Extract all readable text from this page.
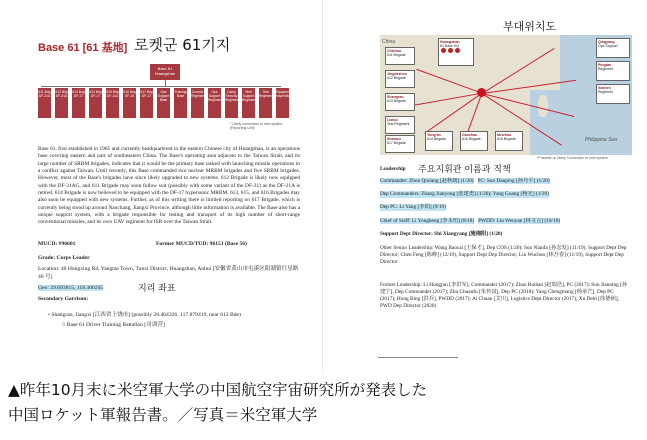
Base 61 [61 基地] 로켓군 61기지
Base 61 Huangshan
611 Brig DF-21A
612 Brig DF-21A
613 Brig DF-17
614 Brig DF-17
615 Brig DF-11A
616 Brig DF-15
617 Brig DF-17
Ops Support Base
Training Base
Comms Regiment
Ops Support Regiment
Camp Security Regiment
Tech Support Regiment
Test Regiment
Equipment Inspection
* Likely connection to new system (Reporting Unit)
Base 61, first established in 1965 and currently headquartered in the eastern Chinese city of Huangshan, is an operations base covering eastern and part of southeastern China. The Base's operating area adjacent to the Taiwan Strait, and its large number of SRBM brigades, indicates that it would be the primary base tasked with launching missile operations in a conflict against Taiwan. Until recently, this Base commanded two nuclear MRBM brigades and five SRBM brigades. However, most of the Base's brigades have since likely upgraded to new systems. 612 Brigade is likely now equipped with the DF-31AG, and 611 Brigade may soon follow suit (possibly with some variant of the DF-31) as the DF-21A is retired. 614 Brigade is now believed to be equipped with the DF-17 hypersonic MRBM. 613, 615, and 616 Brigades may also soon be equipped with new systems. Further, as of this writing there is limited reporting on 617 Brigade, which is currently being stood up around Nanchang, Jiangxi Province, although little information is available. The Base also has a unique support system, with a brigade responsible for testing and transport of its high number of short-range conventional missiles, and its own UAV regiment for ISR over the Taiwan Strait.
MUCD: #96601	Former MUCD/TUD: 96151 (Base 56)
Grade: Corps Leader
Location: 40 Hongxing Rd, Yangtze Town, Tunxi District, Huangshan, Anhui [安徽省黄山市屯溪区阳湖镇红星路 40 号]
Geo: 29.693815, 118.300245	지리 좌표
Secondary Garrison:
• Shangrao, Jiangxi [江西省上饶市] (possibly 28.464326, 117.879419, near 613 Bde)
○ Base 61 Driver Training Battalion [司训营]
부대위치도
China
Philippine Sea
Chizhou
611 Brigade
Jingdezhen
612 Brigade
Shangrao
613 Brigade
Lishui
Test Regiment
Shaowu
617 Brigade
Huangshan
61 Base HQ

Yong'an
614 Brigade
Ganzhou
616 Brigade
Meizhou
615 Brigade
Qingyang
Ops Support
Pingtan
Regiment
Xiamen
Regiment
*Possible or Likely Connection to new system
Leadership	주요지휘관 이름과 직책
Commander: Zhou Qiulang [赵秋朗] (1/20) PC: Sun Danping [孙丹平] (1/20)
Dep Commanders: Zhang Jianyong [张建勇] (1/20); Yang Guang [杨光] (1/20)
Dep PC: Li Yang [李阳] (9/19)
Chief of Staff: Li Yongheng [李永恒] (8/18) PWDD: Lin Wenyan [林文言] (10/18)
Support Dept Director: Shi Xiangyang [施湘阳] (1/20)
Other Senior Leadership: Wang Baocai [王保才], Dep COS (1/20); Sun Nianfa [孙念发] (11/19), Support Dept Dep Director; Chen Feng [陈峰] (12/19), Support Dept Dep Director; Lin Wuchun [林吾春] (11/19), Support Dept Dep Director
Former Leadership: Li Hongjun [李洪军], Commander (2017); Zhao Ruihao [赵瑞浩], PC (2017); Sun Jianning [孙建宁], Dep Commander (2017); Zhu Chuanfu [朱传富], Dep PC (2018); Yang Chengmang [杨承芒], Dep PC (2017); Hong Bing [洪兵], PWDD (2017); Ai Chuan [艾川], Logistics Dept Director (2017); Xu Debi [徐德弼], PWD Dep Director (2020)
▲昨年10月末に米空軍大学の中国航空宇宙研究所が発表した
中国ロケット軍報告書。／写真＝米空軍大学
